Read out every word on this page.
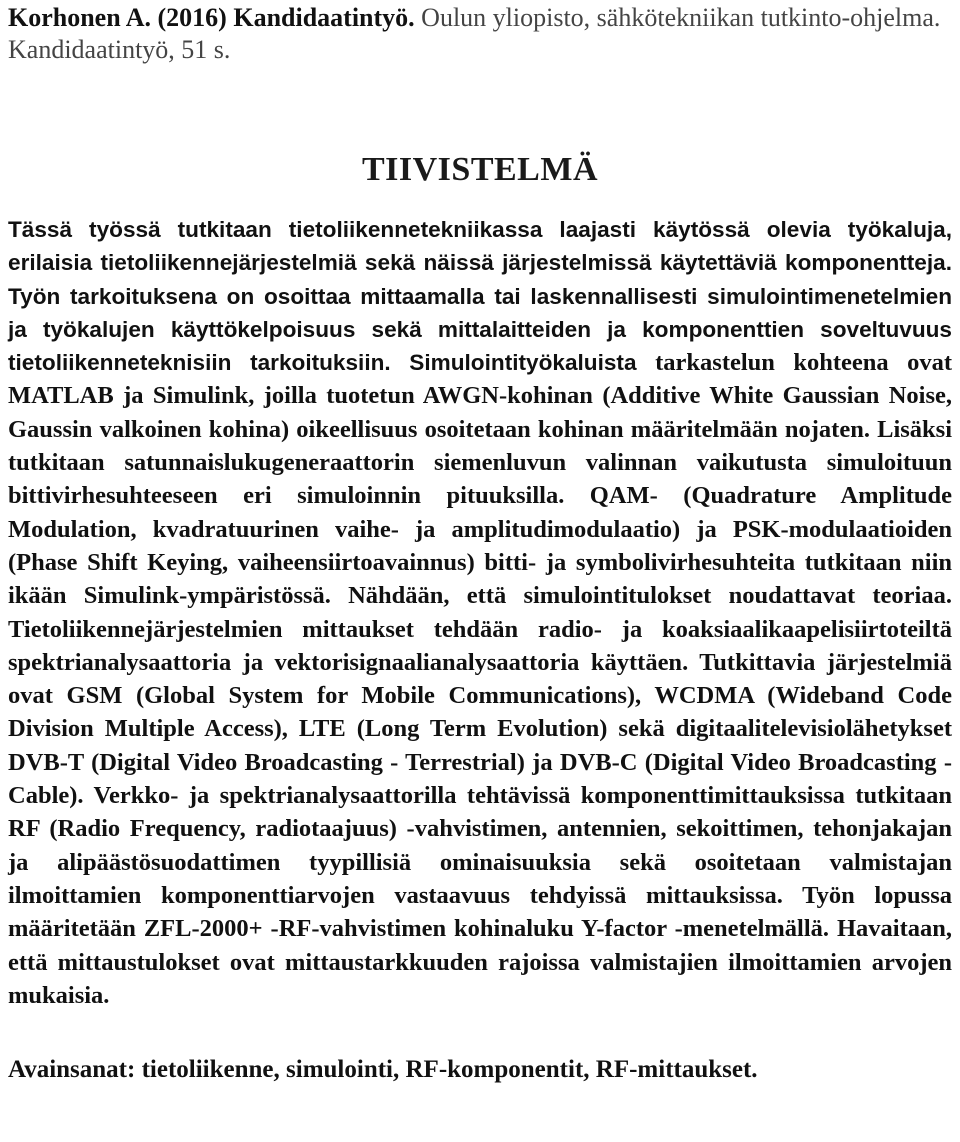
Korhonen A. (2016) Kandidaatintyö. Oulun yliopisto, sähkötekniikan tutkinto-ohjelma. Kandidaatintyö, 51 s.

TIIVISTELMÄ

Tässä työssä tutkitaan tietoliikennetekniikassa laajasti käytössä olevia työkaluja, erilaisia tietoliikennejärjestelmiä sekä näissä järjestelmissä käytettäviä komponentteja. Työn tarkoituksena on osoittaa mittaamalla tai laskennallisesti simulointimenetelmien ja työkalujen käyttökelpoisuus sekä mittalaitteiden ja komponenttien soveltuvuus tietoliikenneteknisiin tarkoituksiin. Simulointityökaluista tarkastelun kohteena ovat MATLAB ja Simulink, joilla tuotetun AWGN-kohinan (Additive White Gaussian Noise, Gaussin valkoinen kohina) oikeellisuus osoitetaan kohinan määritelmään nojaten. Lisäksi tutkitaan satunnaislukugeneraattorin siemenluvun valinnan vaikutusta simuloituun bittivirhesuhteeseen eri simuloinnin pituuksilla. QAM- (Quadrature Amplitude Modulation, kvadratuurinen vaihe- ja amplitudimodulaatio) ja PSK-modulaatioiden (Phase Shift Keying, vaiheensiirtoavainnus) bitti- ja symbolivirhesuhteita tutkitaan niin ikään Simulink-ympäristössä. Nähdään, että simulointitulokset noudattavat teoriaa. Tietoliikennejärjestelmien mittaukset tehdään radio- ja koaksiaalikaapelisiirtoteiltä spektrianalysaattoria ja vektorisignaalianalysaattoria käyttäen. Tutkittavia järjestelmiä ovat GSM (Global System for Mobile Communications), WCDMA (Wideband Code Division Multiple Access), LTE (Long Term Evolution) sekä digitaalitelevisiolähetykset DVB-T (Digital Video Broadcasting - Terrestrial) ja DVB-C (Digital Video Broadcasting - Cable). Verkko- ja spektrianalysaattorilla tehtävissä komponenttimittauksissa tutkitaan RF (Radio Frequency, radiotaajuus) -vahvistimen, antennien, sekoittimen, tehonjakajan ja alipäästösuodattimen tyypillisiä ominaisuuksia sekä osoitetaan valmistajan ilmoittamien komponenttiarvojen vastaavuus tehdyissä mittauksissa. Työn lopussa määritetään ZFL-2000+ -RF-vahvistimen kohinaluku Y-factor -menetelmällä. Havaitaan, että mittaustulokset ovat mittaustarkkuuden rajoissa valmistajien ilmoittamien arvojen mukaisia.

Avainsanat: tietoliikenne, simulointi, RF-komponentit, RF-mittaukset.
